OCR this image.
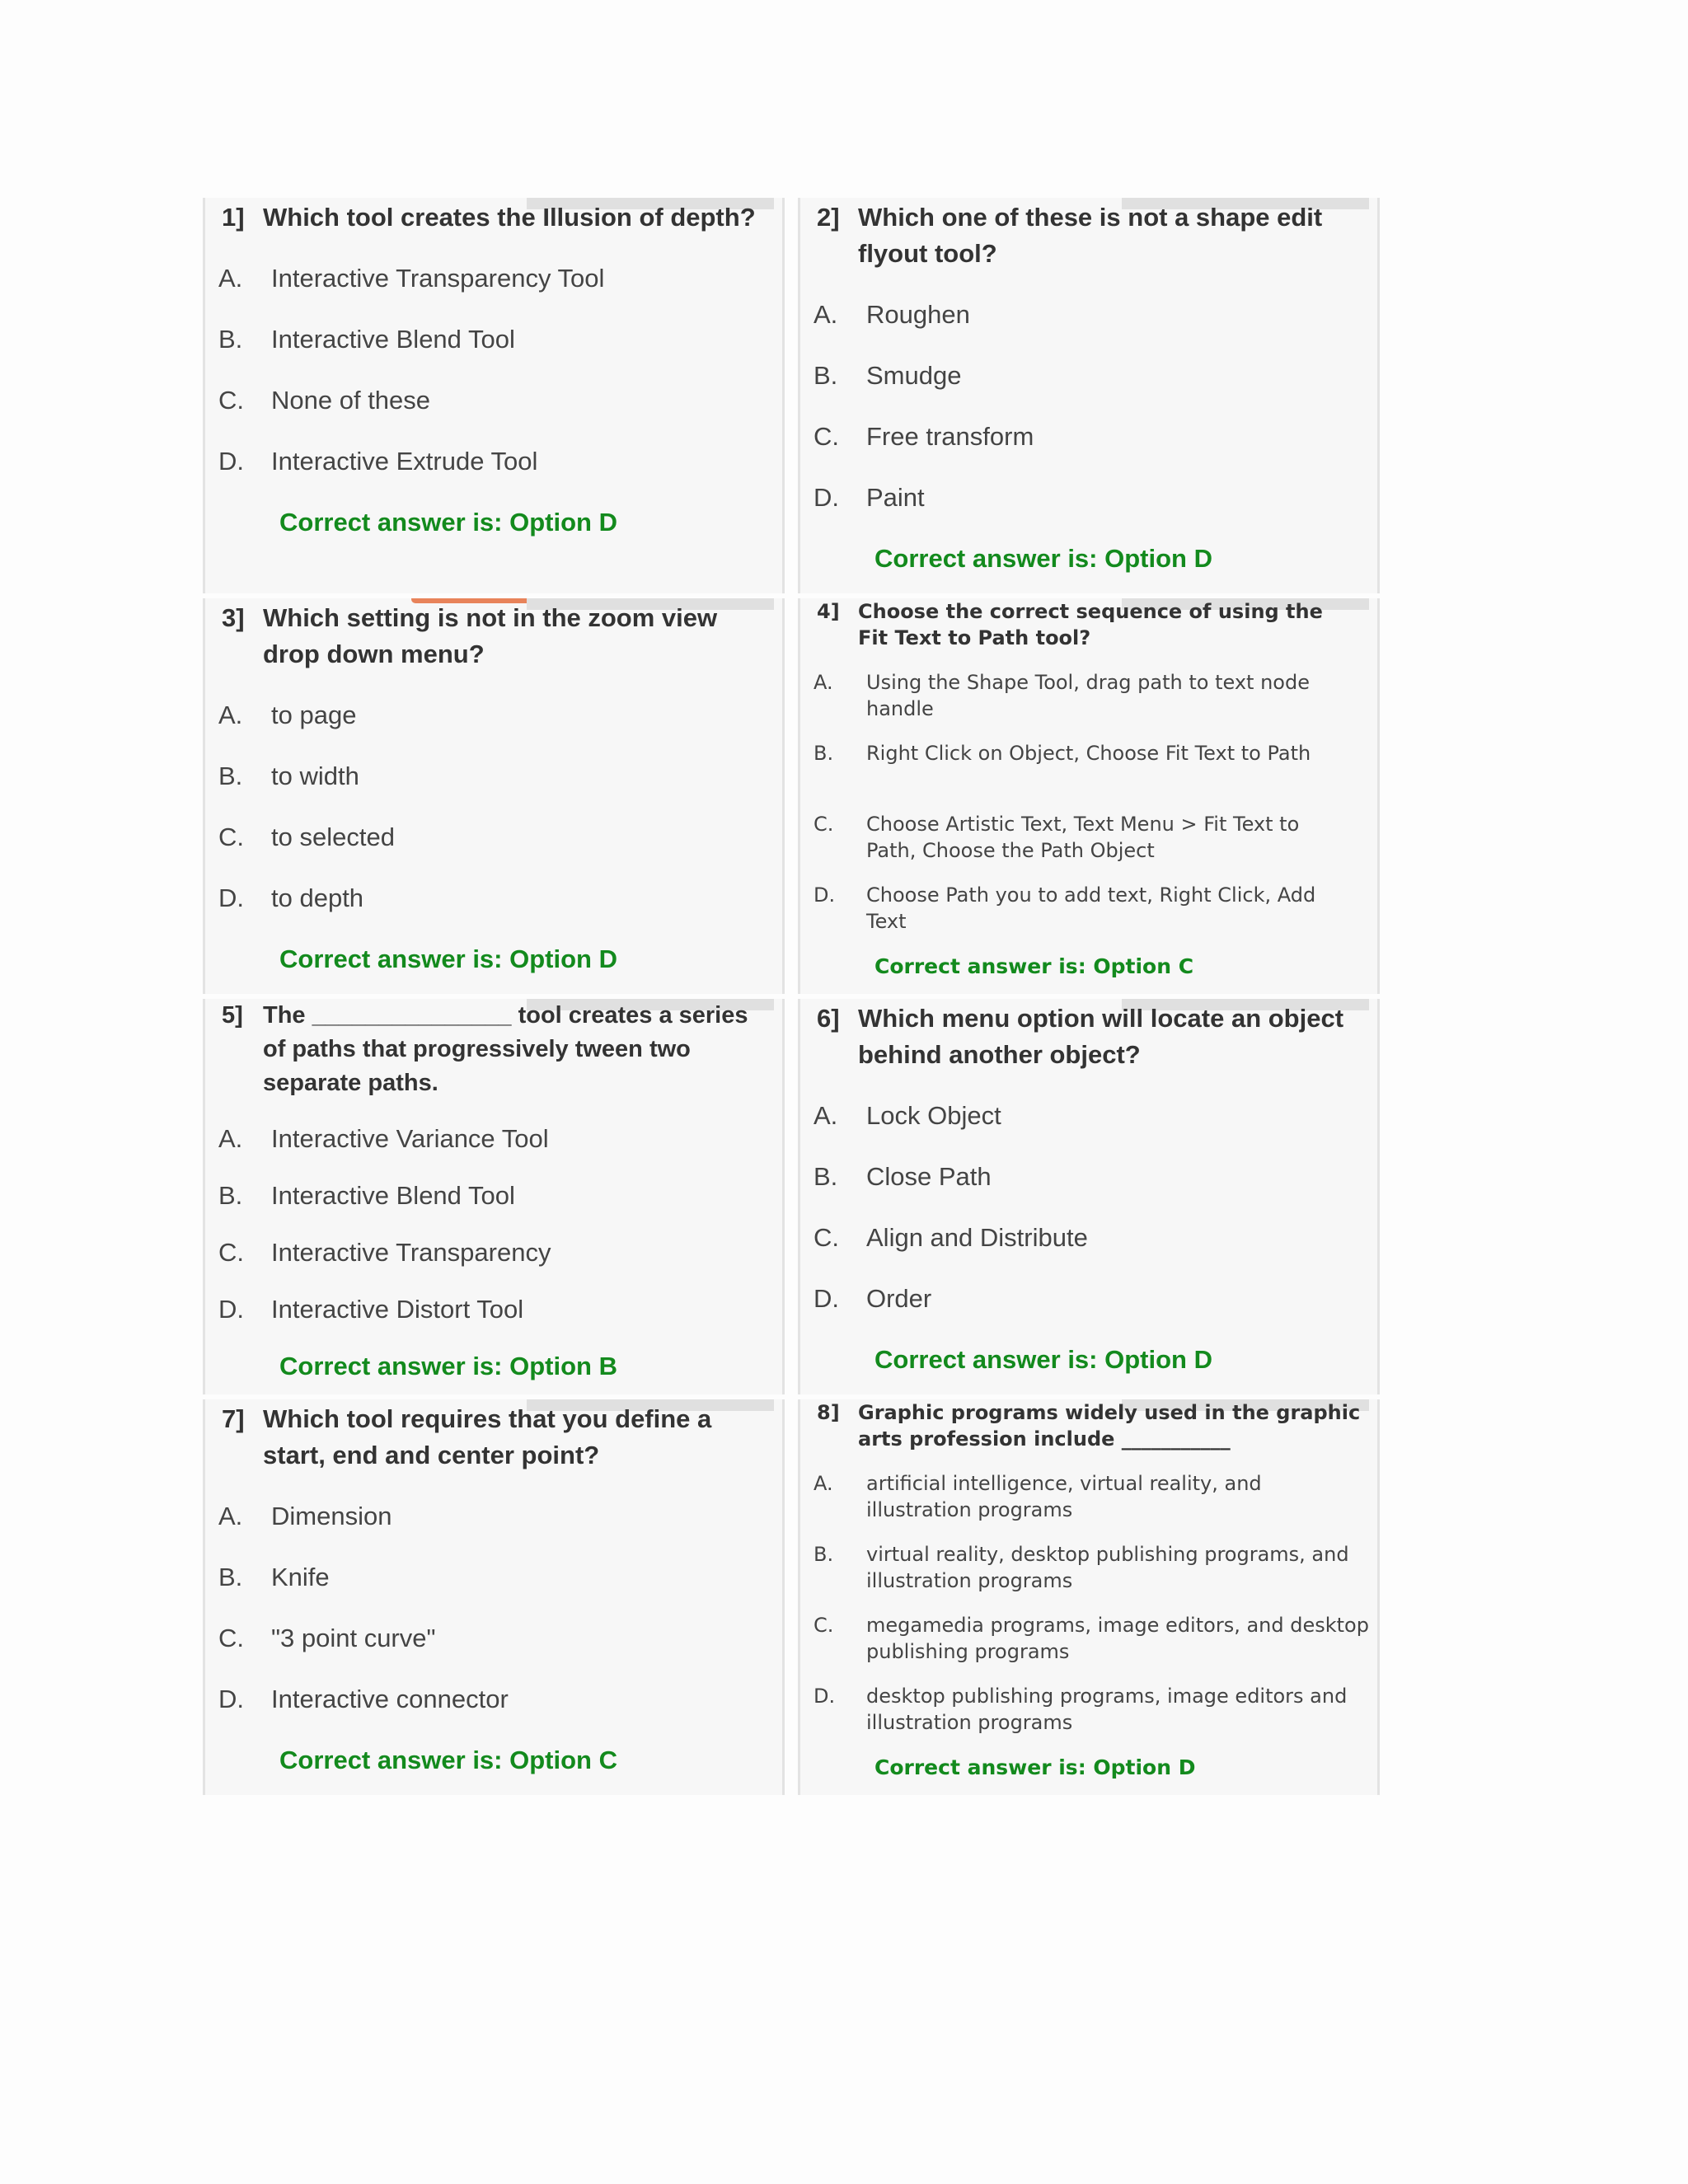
1] Which tool creates the Illusion of depth?
A.	Interactive Transparency Tool
B.	Interactive Blend Tool
C.	None of these
D.	Interactive Extrude Tool
Correct answer is: Option D
2] Which one of these is not a shape edit flyout tool?
A.	Roughen
B.	Smudge
C.	Free transform
D.	Paint
Correct answer is: Option D
3] Which setting is not in the zoom view drop down menu?
A.	to page
B.	to width
C.	to selected
D.	to depth
Correct answer is: Option D
4] Choose the correct sequence of using the Fit Text to Path tool?
A.	Using the Shape Tool, drag path to text node handle
B.	Right Click on Object, Choose Fit Text to Path
C.	Choose Artistic Text, Text Menu > Fit Text to Path, Choose the Path Object
D.	Choose Path you to add text, Right Click, Add Text
Correct answer is: Option C
5] The _______________ tool creates a series of paths that progressively tween two separate paths.
A.	Interactive Variance Tool
B.	Interactive Blend Tool
C.	Interactive Transparency
D.	Interactive Distort Tool
Correct answer is: Option B
6] Which menu option will locate an object behind another object?
A.	Lock Object
B.	Close Path
C.	Align and Distribute
D.	Order
Correct answer is: Option D
7] Which tool requires that you define a start, end and center point?
A.	Dimension
B.	Knife
C.	"3 point curve"
D.	Interactive connector
Correct answer is: Option C
8] Graphic programs widely used in the graphic arts profession include ___________
A.	artificial intelligence, virtual reality, and illustration programs
B.	virtual reality, desktop publishing programs, and illustration programs
C.	megamedia programs, image editors, and desktop publishing programs
D.	desktop publishing programs, image editors and illustration programs
Correct answer is: Option D
